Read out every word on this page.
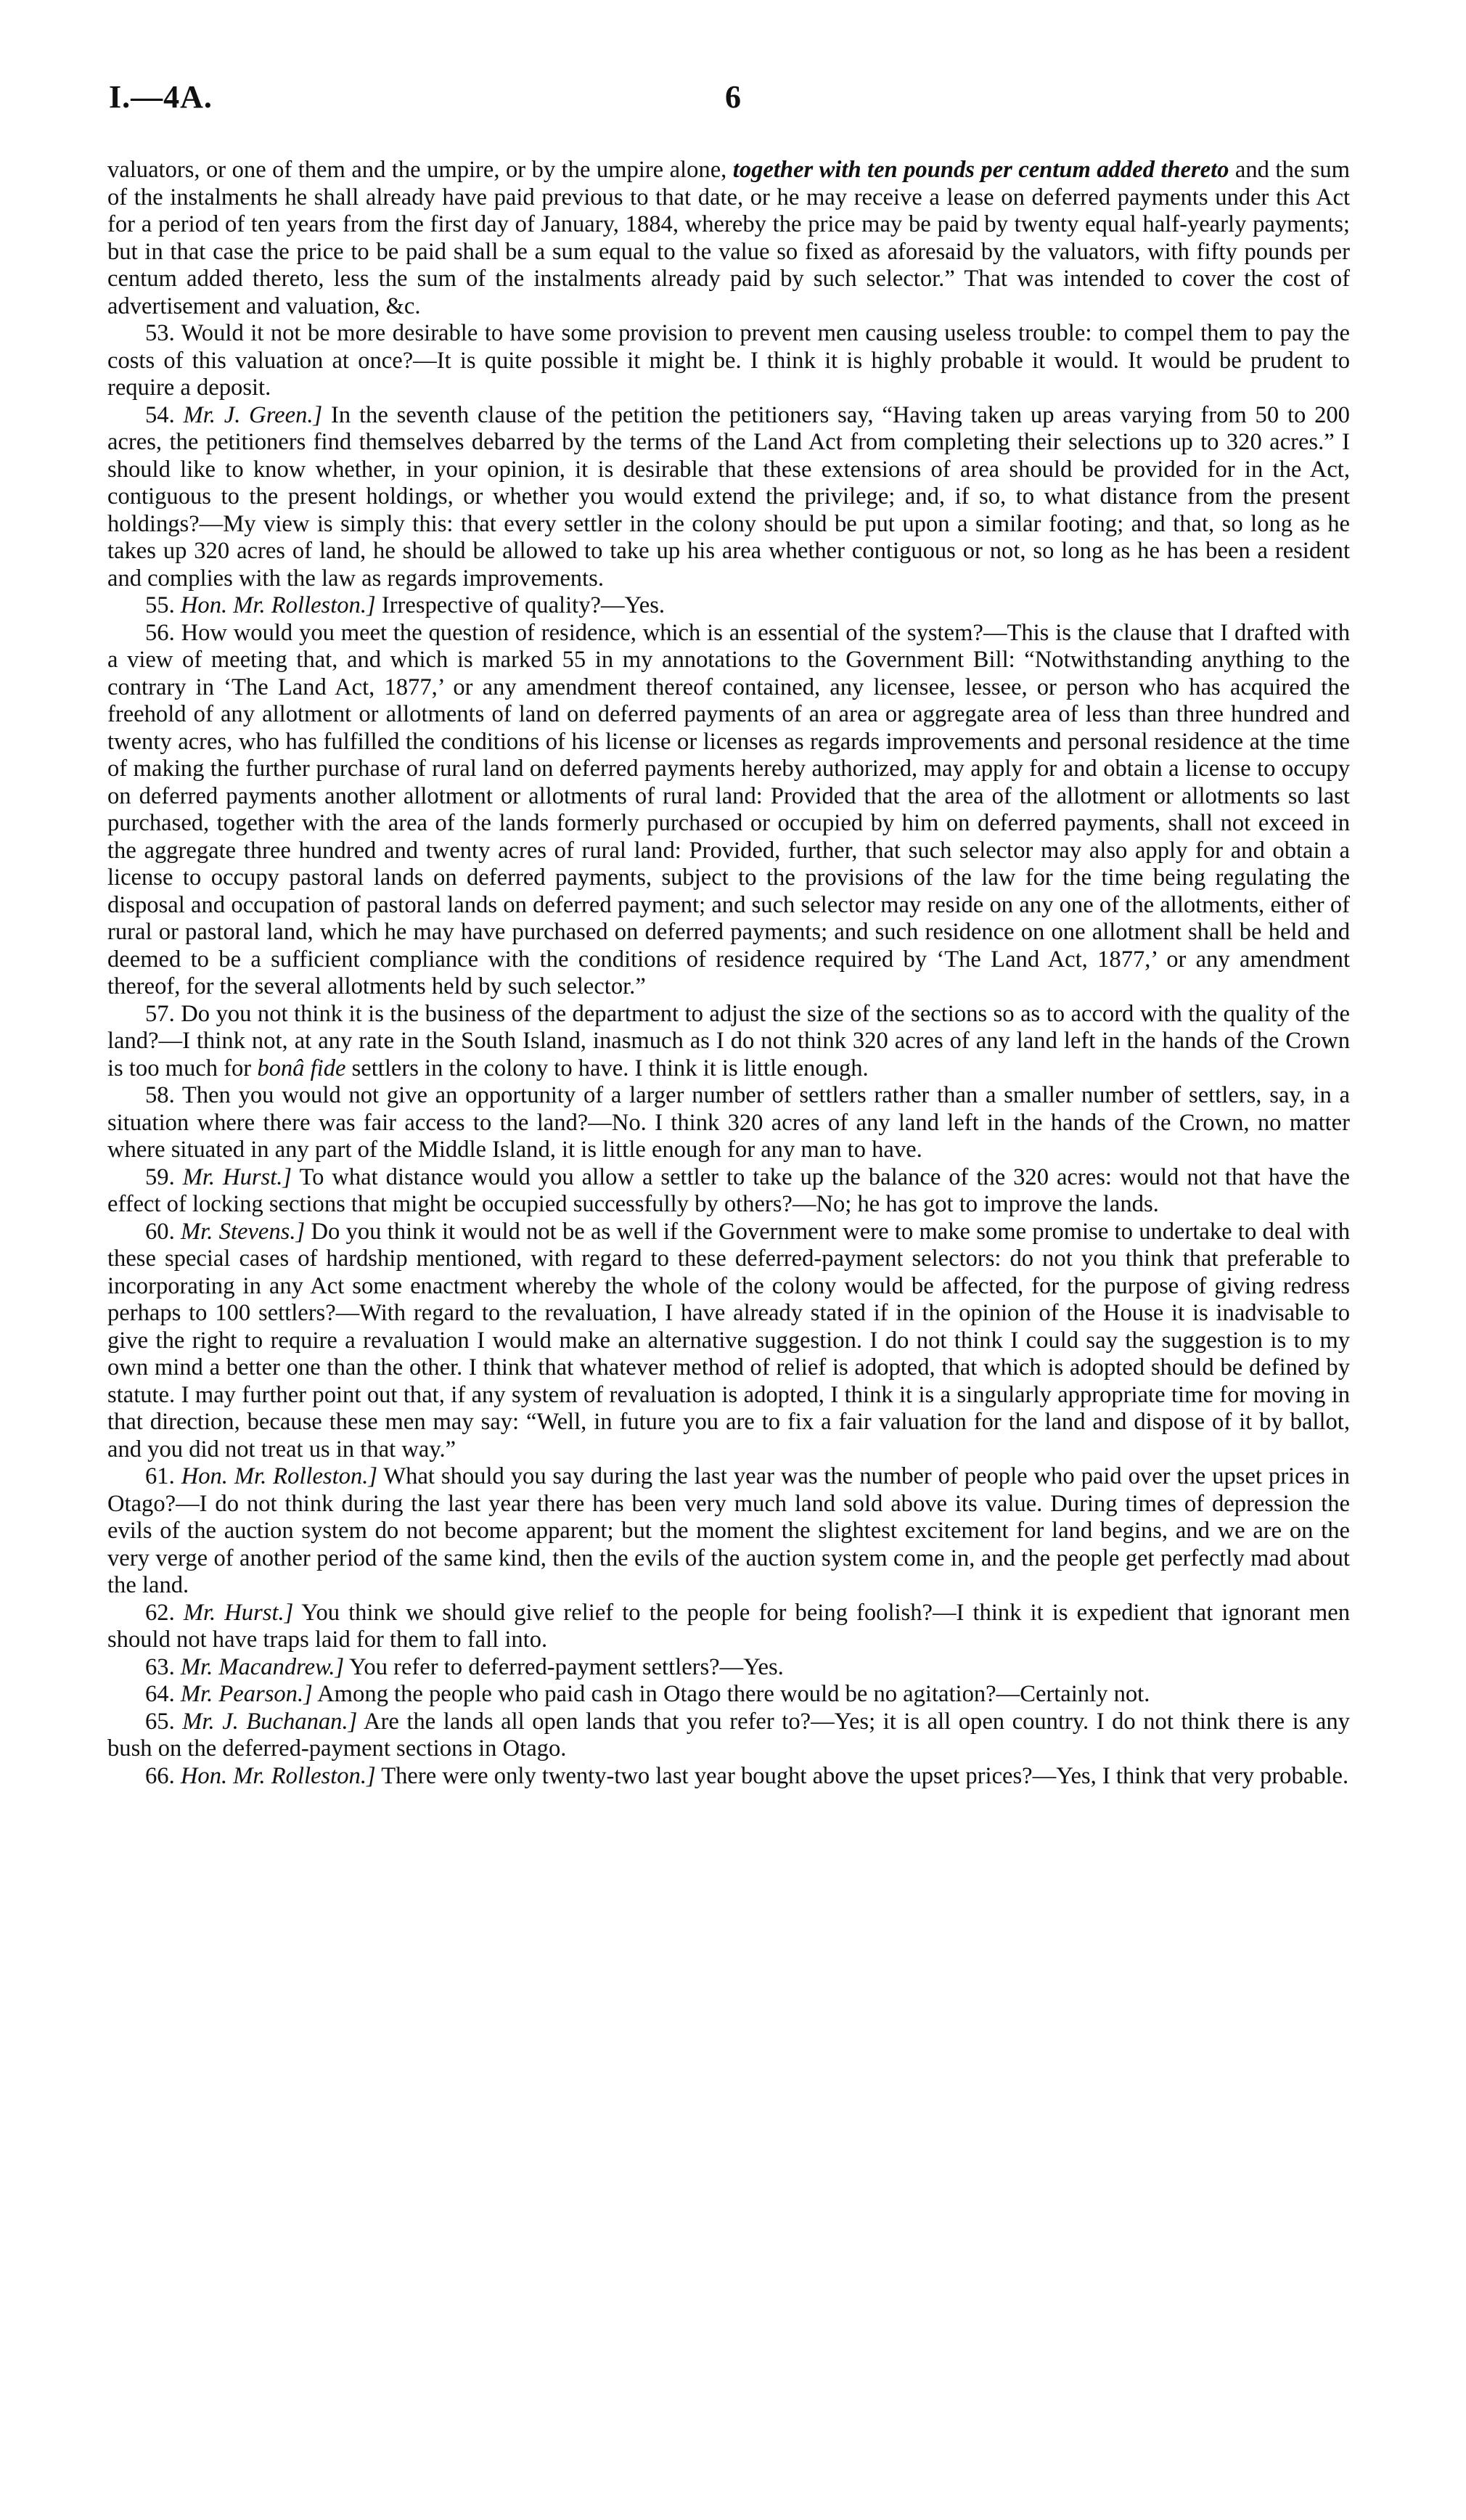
I.—4A.	6

valuators, or one of them and the umpire, or by the umpire alone, together with ten pounds per centum added thereto and the sum of the instalments he shall already have paid previous to that date, or he may receive a lease on deferred payments under this Act for a period of ten years from the first day of January, 1884, whereby the price may be paid by twenty equal half-yearly payments; but in that case the price to be paid shall be a sum equal to the value so fixed as aforesaid by the valuators, with fifty pounds per centum added thereto, less the sum of the instalments already paid by such selector.” That was intended to cover the cost of advertisement and valuation, &c.

53. Would it not be more desirable to have some provision to prevent men causing useless trouble: to compel them to pay the costs of this valuation at once?—It is quite possible it might be. I think it is highly probable it would. It would be prudent to require a deposit.

54. Mr. J. Green.] In the seventh clause of the petition the petitioners say, “Having taken up areas varying from 50 to 200 acres, the petitioners find themselves debarred by the terms of the Land Act from completing their selections up to 320 acres.” I should like to know whether, in your opinion, it is desirable that these extensions of area should be provided for in the Act, contiguous to the present holdings, or whether you would extend the privilege; and, if so, to what distance from the present holdings?—My view is simply this: that every settler in the colony should be put upon a similar footing; and that, so long as he takes up 320 acres of land, he should be allowed to take up his area whether contiguous or not, so long as he has been a resident and complies with the law as regards improvements.

55. Hon. Mr. Rolleston.] Irrespective of quality?—Yes.

56. How would you meet the question of residence, which is an essential of the system?—This is the clause that I drafted with a view of meeting that, and which is marked 55 in my annotations to the Government Bill: “Notwithstanding anything to the contrary in ‘The Land Act, 1877,’ or any amendment thereof contained, any licensee, lessee, or person who has acquired the freehold of any allotment or allotments of land on deferred payments of an area or aggregate area of less than three hundred and twenty acres, who has fulfilled the conditions of his license or licenses as regards improvements and personal residence at the time of making the further purchase of rural land on deferred payments hereby authorized, may apply for and obtain a license to occupy on deferred payments another allotment or allotments of rural land: Provided that the area of the allotment or allotments so last purchased, together with the area of the lands formerly purchased or occupied by him on deferred payments, shall not exceed in the aggregate three hundred and twenty acres of rural land: Provided, further, that such selector may also apply for and obtain a license to occupy pastoral lands on deferred payments, subject to the provisions of the law for the time being regulating the disposal and occupation of pastoral lands on deferred payment; and such selector may reside on any one of the allotments, either of rural or pastoral land, which he may have purchased on deferred payments; and such residence on one allotment shall be held and deemed to be a sufficient compliance with the conditions of residence required by ‘The Land Act, 1877,’ or any amendment thereof, for the several allotments held by such selector.”

57. Do you not think it is the business of the department to adjust the size of the sections so as to accord with the quality of the land?—I think not, at any rate in the South Island, inasmuch as I do not think 320 acres of any land left in the hands of the Crown is too much for bonâ fide settlers in the colony to have. I think it is little enough.

58. Then you would not give an opportunity of a larger number of settlers rather than a smaller number of settlers, say, in a situation where there was fair access to the land?—No. I think 320 acres of any land left in the hands of the Crown, no matter where situated in any part of the Middle Island, it is little enough for any man to have.

59. Mr. Hurst.] To what distance would you allow a settler to take up the balance of the 320 acres: would not that have the effect of locking sections that might be occupied successfully by others?—No; he has got to improve the lands.

60. Mr. Stevens.] Do you think it would not be as well if the Government were to make some promise to undertake to deal with these special cases of hardship mentioned, with regard to these deferred-payment selectors: do not you think that preferable to incorporating in any Act some enactment whereby the whole of the colony would be affected, for the purpose of giving redress perhaps to 100 settlers?—With regard to the revaluation, I have already stated if in the opinion of the House it is inadvisable to give the right to require a revaluation I would make an alternative suggestion. I do not think I could say the suggestion is to my own mind a better one than the other. I think that whatever method of relief is adopted, that which is adopted should be defined by statute. I may further point out that, if any system of revaluation is adopted, I think it is a singularly appropriate time for moving in that direction, because these men may say: “Well, in future you are to fix a fair valuation for the land and dispose of it by ballot, and you did not treat us in that way.”

61. Hon. Mr. Rolleston.] What should you say during the last year was the number of people who paid over the upset prices in Otago?—I do not think during the last year there has been very much land sold above its value. During times of depression the evils of the auction system do not become apparent; but the moment the slightest excitement for land begins, and we are on the very verge of another period of the same kind, then the evils of the auction system come in, and the people get perfectly mad about the land.

62. Mr. Hurst.] You think we should give relief to the people for being foolish?—I think it is expedient that ignorant men should not have traps laid for them to fall into.

63. Mr. Macandrew.] You refer to deferred-payment settlers?—Yes.

64. Mr. Pearson.] Among the people who paid cash in Otago there would be no agitation?—Certainly not.

65. Mr. J. Buchanan.] Are the lands all open lands that you refer to?—Yes; it is all open country. I do not think there is any bush on the deferred-payment sections in Otago.

66. Hon. Mr. Rolleston.] There were only twenty-two last year bought above the upset prices?—Yes, I think that very probable.
